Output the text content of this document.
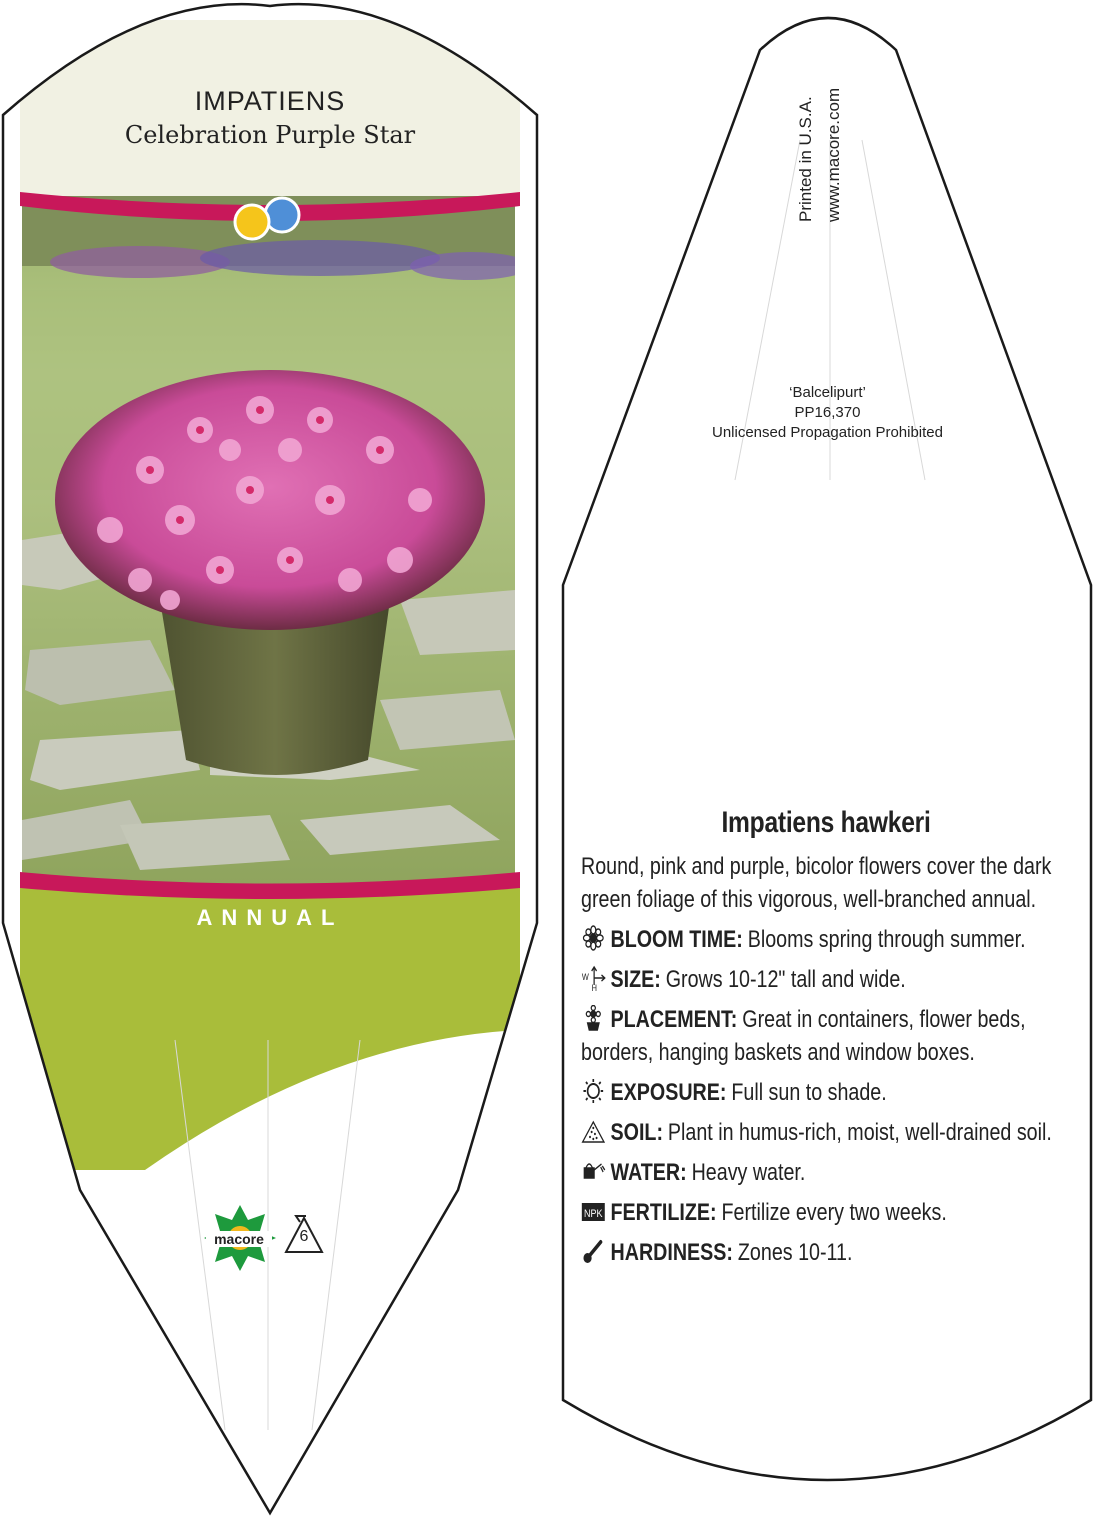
IMPATIENS
Celebration Purple Star
ANNUAL
macore	6
Printed in U.S.A. www.macore.com
‘Balcelipurt’
PP16,370
Unlicensed Propagation Prohibited
Impatiens hawkeri
Round, pink and purple, bicolor flowers cover the dark green foliage of this vigorous, well-branched annual.
BLOOM TIME: Blooms spring through summer.
W
H SIZE: Grows 10-12" tall and wide.
PLACEMENT: Great in containers, flower beds, borders, hanging baskets and window boxes.
EXPOSURE: Full sun to shade.
SOIL: Plant in humus-rich, moist, well-drained soil.
WATER: Heavy water.
NPK FERTILIZE: Fertilize every two weeks.
HARDINESS: Zones 10-11.
